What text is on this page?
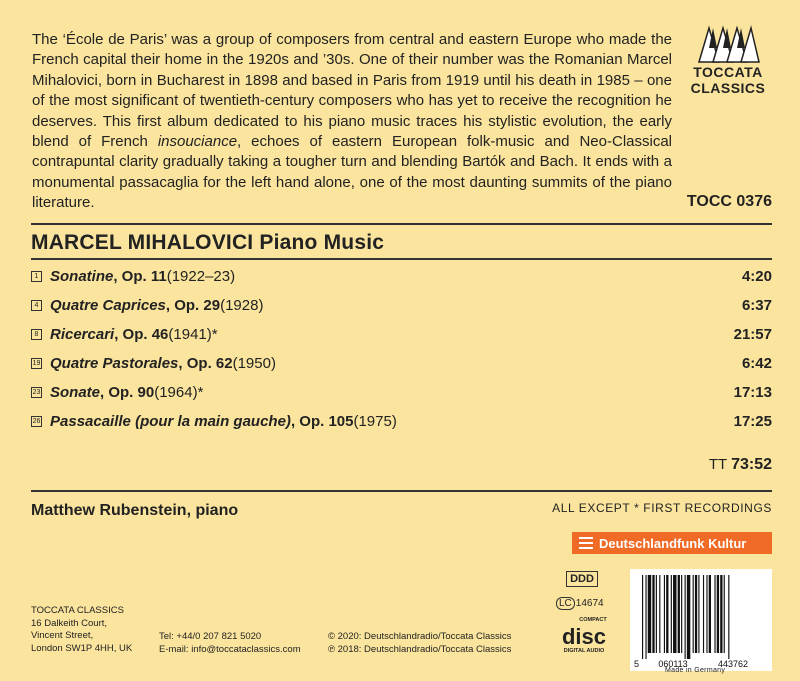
The ‘École de Paris’ was a group of composers from central and eastern Europe who made the French capital their home in the 1920s and ’30s. One of their number was the Romanian Marcel Mihalovici, born in Bucharest in 1898 and based in Paris from 1919 until his death in 1985 – one of the most significant of twentieth-century composers who has yet to receive the recognition he deserves. This first album dedicated to his piano music traces his stylistic evolution, the early blend of French insouciance, echoes of eastern European folk-music and Neo-Classical contrapuntal clarity gradually taking a tougher turn and blending Bartók and Bach. It ends with a monumental passacaglia for the left hand alone, one of the most daunting summits of the piano literature.
TOCCATA
CLASSICS
TOCC 0376
MARCEL MIHALOVICI Piano Music
1 Sonatine , Op. 11 (1922–23)	4:20
4 Quatre Caprices , Op. 29 (1928)	6:37
8 Ricercari , Op. 46 (1941)*	21:57
19 Quatre Pastorales , Op. 62 (1950)	6:42
23 Sonate , Op. 90 (1964)*	17:13
26 Passacaille (pour la main gauche) , Op. 105 (1975)	17:25
TT 73:52
Matthew Rubenstein, piano	ALL EXCEPT * FIRST RECORDINGS
Deutschlandfunk Kultur
DDD
LC 14674
COMPACT
disc
DIGITAL AUDIO
5 060113	443762
Made in Germany
TOCCATA CLASSICS
16 Dalkeith Court,
Vincent Street,
London SW1P 4HH, UK
Tel: +44/0 207 821 5020
E-mail: info@toccataclassics.com
© 2020: Deutschlandradio/Toccata Classics
℗ 2018: Deutschlandradio/Toccata Classics
